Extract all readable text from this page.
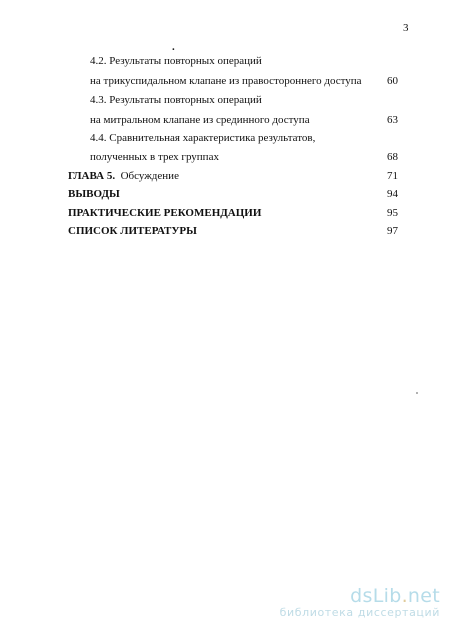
3
.
4.2. Результаты повторных операций
на трикуспидальном клапане из правостороннего доступа 60
4.3. Результаты повторных операций
на митральном клапане из срединного доступа	63
4.4. Сравнительная характеристика результатов,
полученных в трех группах	68
ГЛАВА 5. Обсуждение	71
ВЫВОДЫ	94
ПРАКТИЧЕСКИЕ РЕКОМЕНДАЦИИ	95
СПИСОК ЛИТЕРАТУРЫ	97
dsLib.net
библиотека диссертаций
